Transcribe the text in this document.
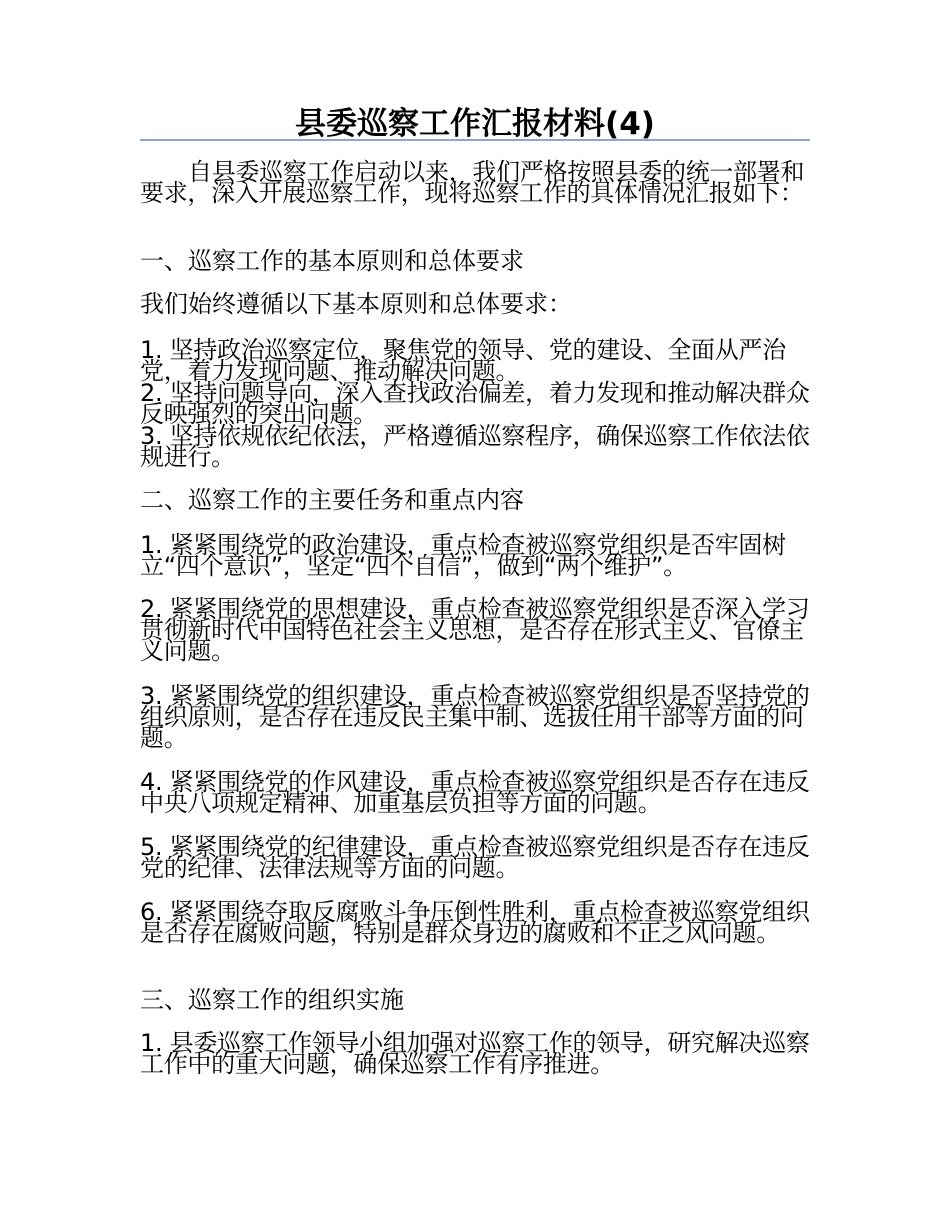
县委巡察工作汇报材料(4)
自县委巡察工作启动以来，我们严格按照县委的统一部署和要求，深入开展巡察工作，现将巡察工作的具体情况汇报如下：
一、巡察工作的基本原则和总体要求
我们始终遵循以下基本原则和总体要求：
1. 坚持政治巡察定位，聚焦党的领导、党的建设、全面从严治党，着力发现问题、推动解决问题。
2. 坚持问题导向，深入查找政治偏差，着力发现和推动解决群众反映强烈的突出问题。
3. 坚持依规依纪依法，严格遵循巡察程序，确保巡察工作依法依规进行。
二、巡察工作的主要任务和重点内容
1. 紧紧围绕党的政治建设，重点检查被巡察党组织是否牢固树立“四个意识”，坚定“四个自信”，做到“两个维护”。
2. 紧紧围绕党的思想建设，重点检查被巡察党组织是否深入学习贯彻新时代中国特色社会主义思想，是否存在形式主义、官僚主义问题。
3. 紧紧围绕党的组织建设，重点检查被巡察党组织是否坚持党的组织原则，是否存在违反民主集中制、选拔任用干部等方面的问题。
4. 紧紧围绕党的作风建设，重点检查被巡察党组织是否存在违反中央八项规定精神、加重基层负担等方面的问题。
5. 紧紧围绕党的纪律建设，重点检查被巡察党组织是否存在违反党的纪律、法律法规等方面的问题。
6. 紧紧围绕夺取反腐败斗争压倒性胜利，重点检查被巡察党组织是否存在腐败问题，特别是群众身边的腐败和不正之风问题。
三、巡察工作的组织实施
1. 县委巡察工作领导小组加强对巡察工作的领导，研究解决巡察工作中的重大问题，确保巡察工作有序推进。
